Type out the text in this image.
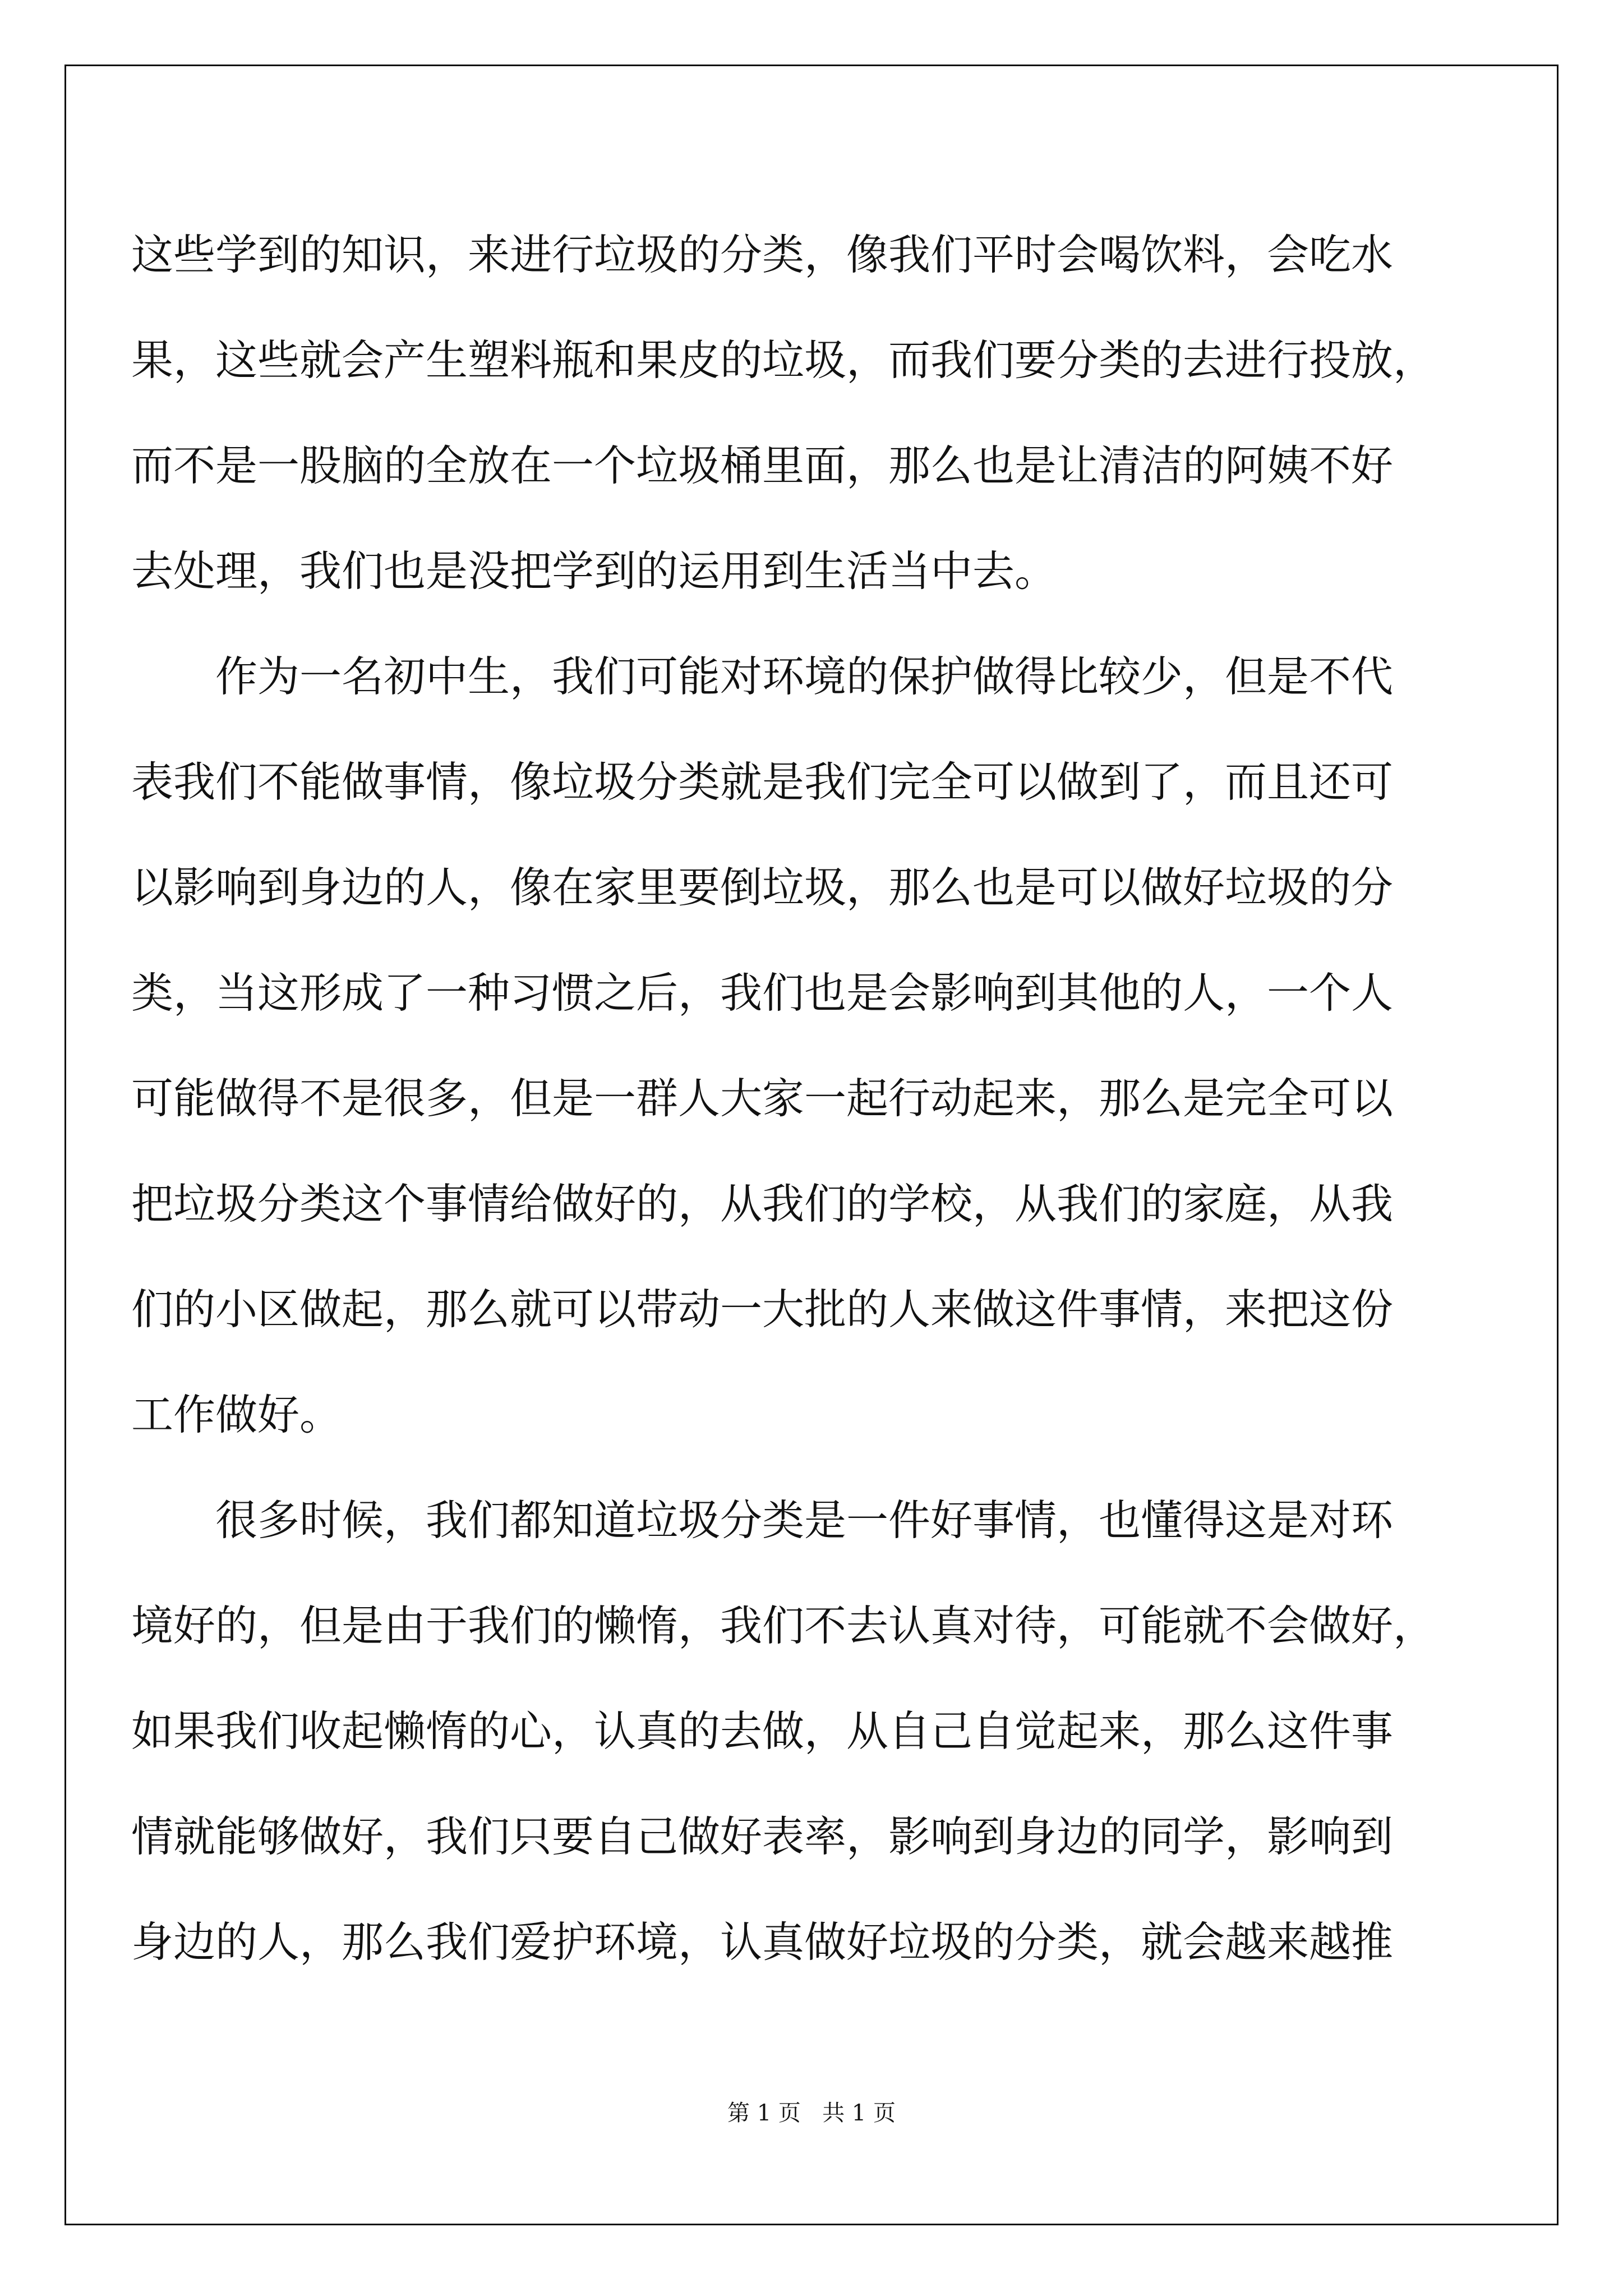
这些学到的知识，来进行垃圾的分类，像我们平时会喝饮料，会吃水
果，这些就会产生塑料瓶和果皮的垃圾，而我们要分类的去进行投放，
而不是一股脑的全放在一个垃圾桶里面，那么也是让清洁的阿姨不好
去处理，我们也是没把学到的运用到生活当中去。
作为一名初中生，我们可能对环境的保护做得比较少，但是不代
表我们不能做事情，像垃圾分类就是我们完全可以做到了，而且还可
以影响到身边的人，像在家里要倒垃圾，那么也是可以做好垃圾的分
类，当这形成了一种习惯之后，我们也是会影响到其他的人，一个人
可能做得不是很多，但是一群人大家一起行动起来，那么是完全可以
把垃圾分类这个事情给做好的，从我们的学校，从我们的家庭，从我
们的小区做起，那么就可以带动一大批的人来做这件事情，来把这份
工作做好。
很多时候，我们都知道垃圾分类是一件好事情，也懂得这是对环
境好的，但是由于我们的懒惰，我们不去认真对待，可能就不会做好，
如果我们收起懒惰的心，认真的去做，从自己自觉起来，那么这件事
情就能够做好，我们只要自己做好表率，影响到身边的同学，影响到
身边的人，那么我们爱护环境，认真做好垃圾的分类，就会越来越推
第 1 页   共 1 页
